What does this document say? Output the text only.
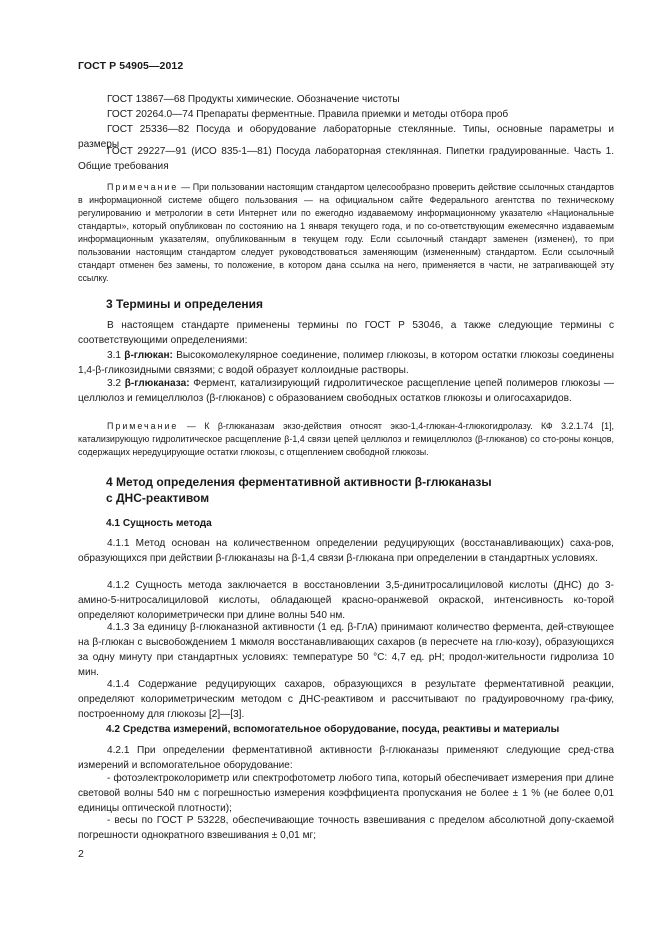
ГОСТ Р 54905—2012
ГОСТ 13867—68 Продукты химические. Обозначение чистоты
ГОСТ 20264.0—74 Препараты ферментные. Правила приемки и методы отбора проб
ГОСТ 25336—82 Посуда и оборудование лабораторные стеклянные. Типы, основные параметры и размеры
ГОСТ 29227—91 (ИСО 835-1—81) Посуда лабораторная стеклянная. Пипетки градуированные. Часть 1. Общие требования
Примечание — При пользовании настоящим стандартом целесообразно проверить действие ссылочных стандартов в информационной системе общего пользования — на официальном сайте Федерального агентства по техническому регулированию и метрологии в сети Интернет или по ежегодно издаваемому информационному указателю «Национальные стандарты», который опубликован по состоянию на 1 января текущего года, и по со-ответствующим ежемесячно издаваемым информационным указателям, опубликованным в текущем году. Если ссылочный стандарт заменен (изменен), то при пользовании настоящим стандартом следует руководствоваться заменяющим (измененным) стандартом. Если ссылочный стандарт отменен без замены, то положение, в котором дана ссылка на него, применяется в части, не затрагивающей эту ссылку.
3 Термины и определения
В настоящем стандарте применены термины по ГОСТ Р 53046, а также следующие термины с соответствующими определениями:
3.1 β-глюкан: Высокомолекулярное соединение, полимер глюкозы, в котором остатки глюкозы соединены 1,4-β-гликозидными связями; с водой образует коллоидные растворы.
3.2 β-глюканаза: Фермент, катализирующий гидролитическое расщепление цепей полимеров глюкозы — целлюлоз и гемицеллюлоз (β-глюканов) с образованием свободных остатков глюкозы и олигосахаридов.
Примечание — К β-глюканазам экзо-действия относят экзо-1,4-глюкан-4-глюкогидролазу. КФ 3.2.1.74 [1], катализирующую гидролитическое расщепление β-1,4 связи цепей целлюлоз и гемицеллюлоз (β-глюканов) со сто-роны концов, содержащих нередуцирующие остатки глюкозы, с отщеплением свободной глюкозы.
4 Метод определения ферментативной активности β-глюканазы
с ДНС-реактивом
4.1 Сущность метода
4.1.1 Метод основан на количественном определении редуцирующих (восстанавливающих) саха-ров, образующихся при действии β-глюканазы на β-1,4 связи β-глюкана при определении в стандартных условиях.
4.1.2 Сущность метода заключается в восстановлении 3,5-динитросалициловой кислоты (ДНС) до 3-амино-5-нитросалициловой кислоты, обладающей красно-оранжевой окраской, интенсивность ко-торой определяют колориметрически при длине волны 540 нм.
4.1.3 За единицу β-глюканазной активности (1 ед. β-ГлА) принимают количество фермента, дей-ствующее на β-глюкан с высвобождением 1 мкмоля восстанавливающих сахаров (в пересчете на глю-козу), образующихся за одну минуту при стандартных условиях: температуре 50 °С: 4,7 ед. рН; продол-жительности гидролиза 10 мин.
4.1.4 Содержание редуцирующих сахаров, образующихся в результате ферментативной реакции, определяют колориметрическим методом с ДНС-реактивом и рассчитывают по градуировочному гра-фику, построенному для глюкозы [2]—[3].
4.2 Средства измерений, вспомогательное оборудование, посуда, реактивы и материалы
4.2.1 При определении ферментативной активности β-глюканазы применяют следующие сред-ства измерений и вспомогательное оборудование:
- фотоэлектроколориметр или спектрофотометр любого типа, который обеспечивает измерения при длине световой волны 540 нм с погрешностью измерения коэффициента пропускания не более ± 1 % (не более 0,01 единицы оптической плотности);
- весы по ГОСТ Р 53228, обеспечивающие точность взвешивания с пределом абсолютной допу-скаемой погрешности однократного взвешивания ± 0,01 мг;
2
